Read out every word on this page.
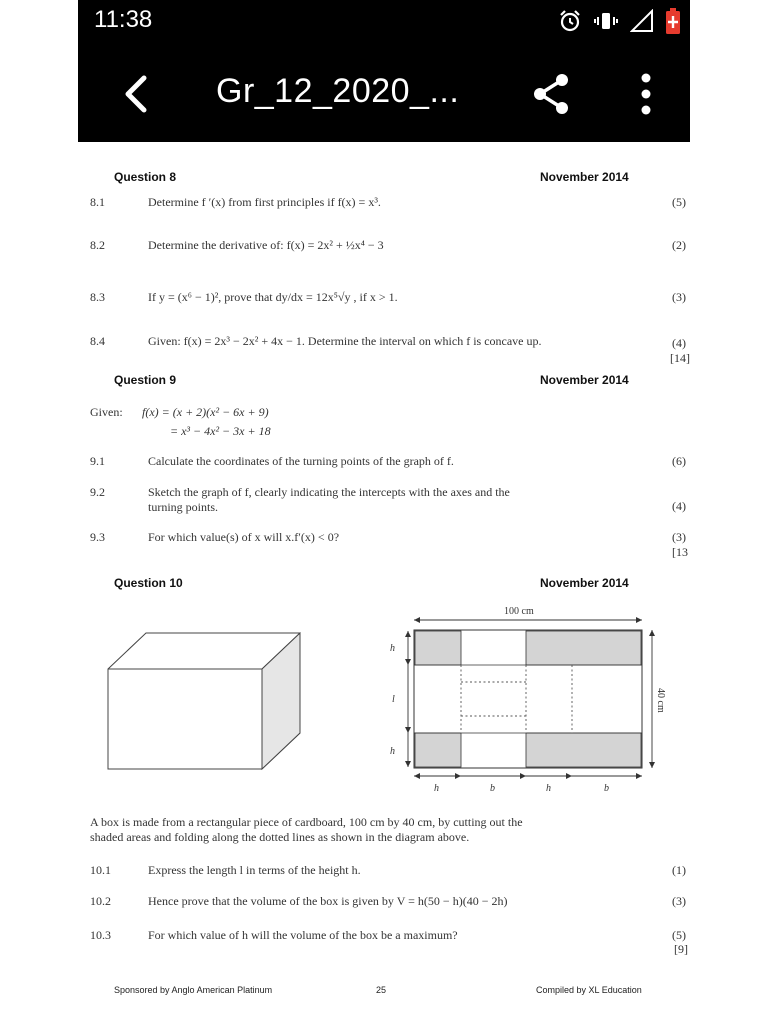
11:38
Gr_12_2020_...
Question 8	November 2014
8.1	Determine f ′(x) from first principles if f(x) = x³.	(5)
8.2	Determine the derivative of: f(x) = 2x² + ½x⁴ − 3	(2)
8.3	If y = (x⁶ − 1)², prove that dy/dx = 12x⁵√y , if x > 1.	(3)
8.4	Given: f(x) = 2x³ − 2x² + 4x − 1. Determine the interval on which f is concave up.	(4)
[14]
Question 9	November 2014
Given: f(x) = (x + 2)(x² − 6x + 9)
= x³ − 4x² − 3x + 18
9.1	Calculate the coordinates of the turning points of the graph of f.	(6)
9.2	Sketch the graph of f, clearly indicating the intercepts with the axes and the
turning points.	(4)
9.3	For which value(s) of x will x.f′(x) < 0?	(3)
[13
Question 10	November 2014
100 cm
h
l
h
40 cm
h	b	h	b
A box is made from a rectangular piece of cardboard, 100 cm by 40 cm, by cutting out the
shaded areas and folding along the dotted lines as shown in the diagram above.
10.1	Express the length l in terms of the height h.	(1)
10.2	Hence prove that the volume of the box is given by V = h(50 − h)(40 − 2h)	(3)
10.3	For which value of h will the volume of the box be a maximum?	(5)
[9]
Sponsored by Anglo American Platinum	25	Compiled by XL Education
